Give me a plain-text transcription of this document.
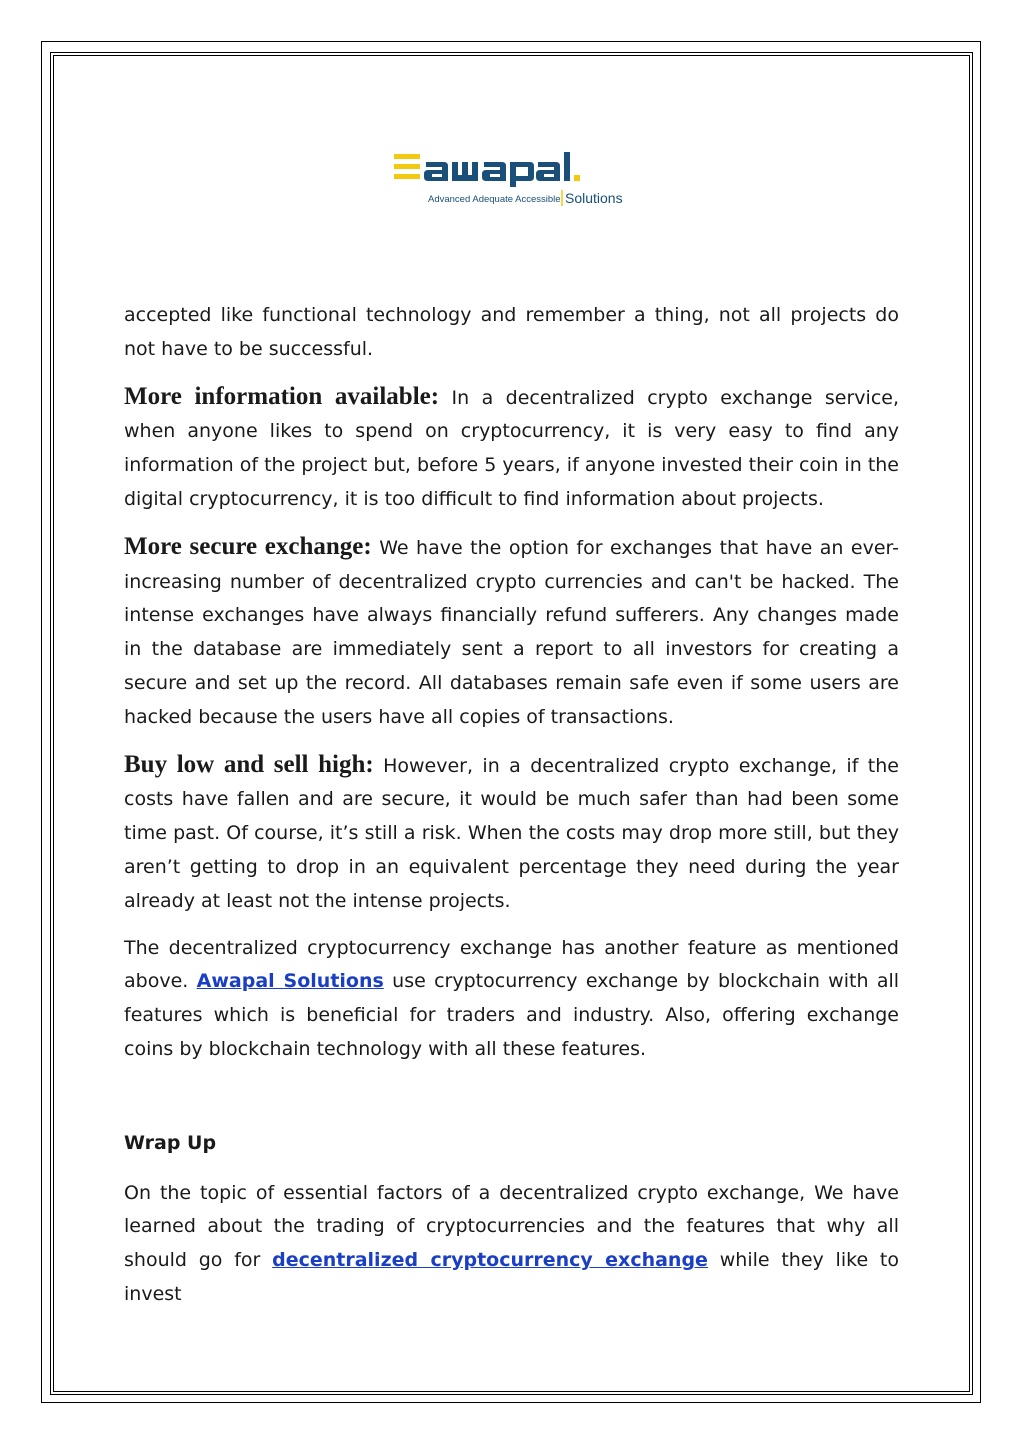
Advanced Adequate Accessible Solutions

accepted like functional technology and remember a thing, not all projects do not have to be successful.

More information available: In a decentralized crypto exchange service, when anyone likes to spend on cryptocurrency, it is very easy to find any information of the project but, before 5 years, if anyone invested their coin in the digital cryptocurrency, it is too difficult to find information about projects.

More secure exchange: We have the option for exchanges that have an ever-increasing number of decentralized crypto currencies and can't be hacked. The intense exchanges have always financially refund sufferers. Any changes made in the database are immediately sent a report to all investors for creating a secure and set up the record. All databases remain safe even if some users are hacked because the users have all copies of transactions.

Buy low and sell high: However, in a decentralized crypto exchange, if the costs have fallen and are secure, it would be much safer than had been some time past. Of course, it’s still a risk. When the costs may drop more still, but they aren’t getting to drop in an equivalent percentage they need during the year already at least not the intense projects.

The decentralized cryptocurrency exchange has another feature as mentioned above. Awapal Solutions use cryptocurrency exchange by blockchain with all features which is beneficial for traders and industry. Also, offering exchange coins by blockchain technology with all these features.

Wrap Up

On the topic of essential factors of a decentralized crypto exchange, We have learned about the trading of cryptocurrencies and the features that why all should go for decentralized cryptocurrency exchange while they like to invest
